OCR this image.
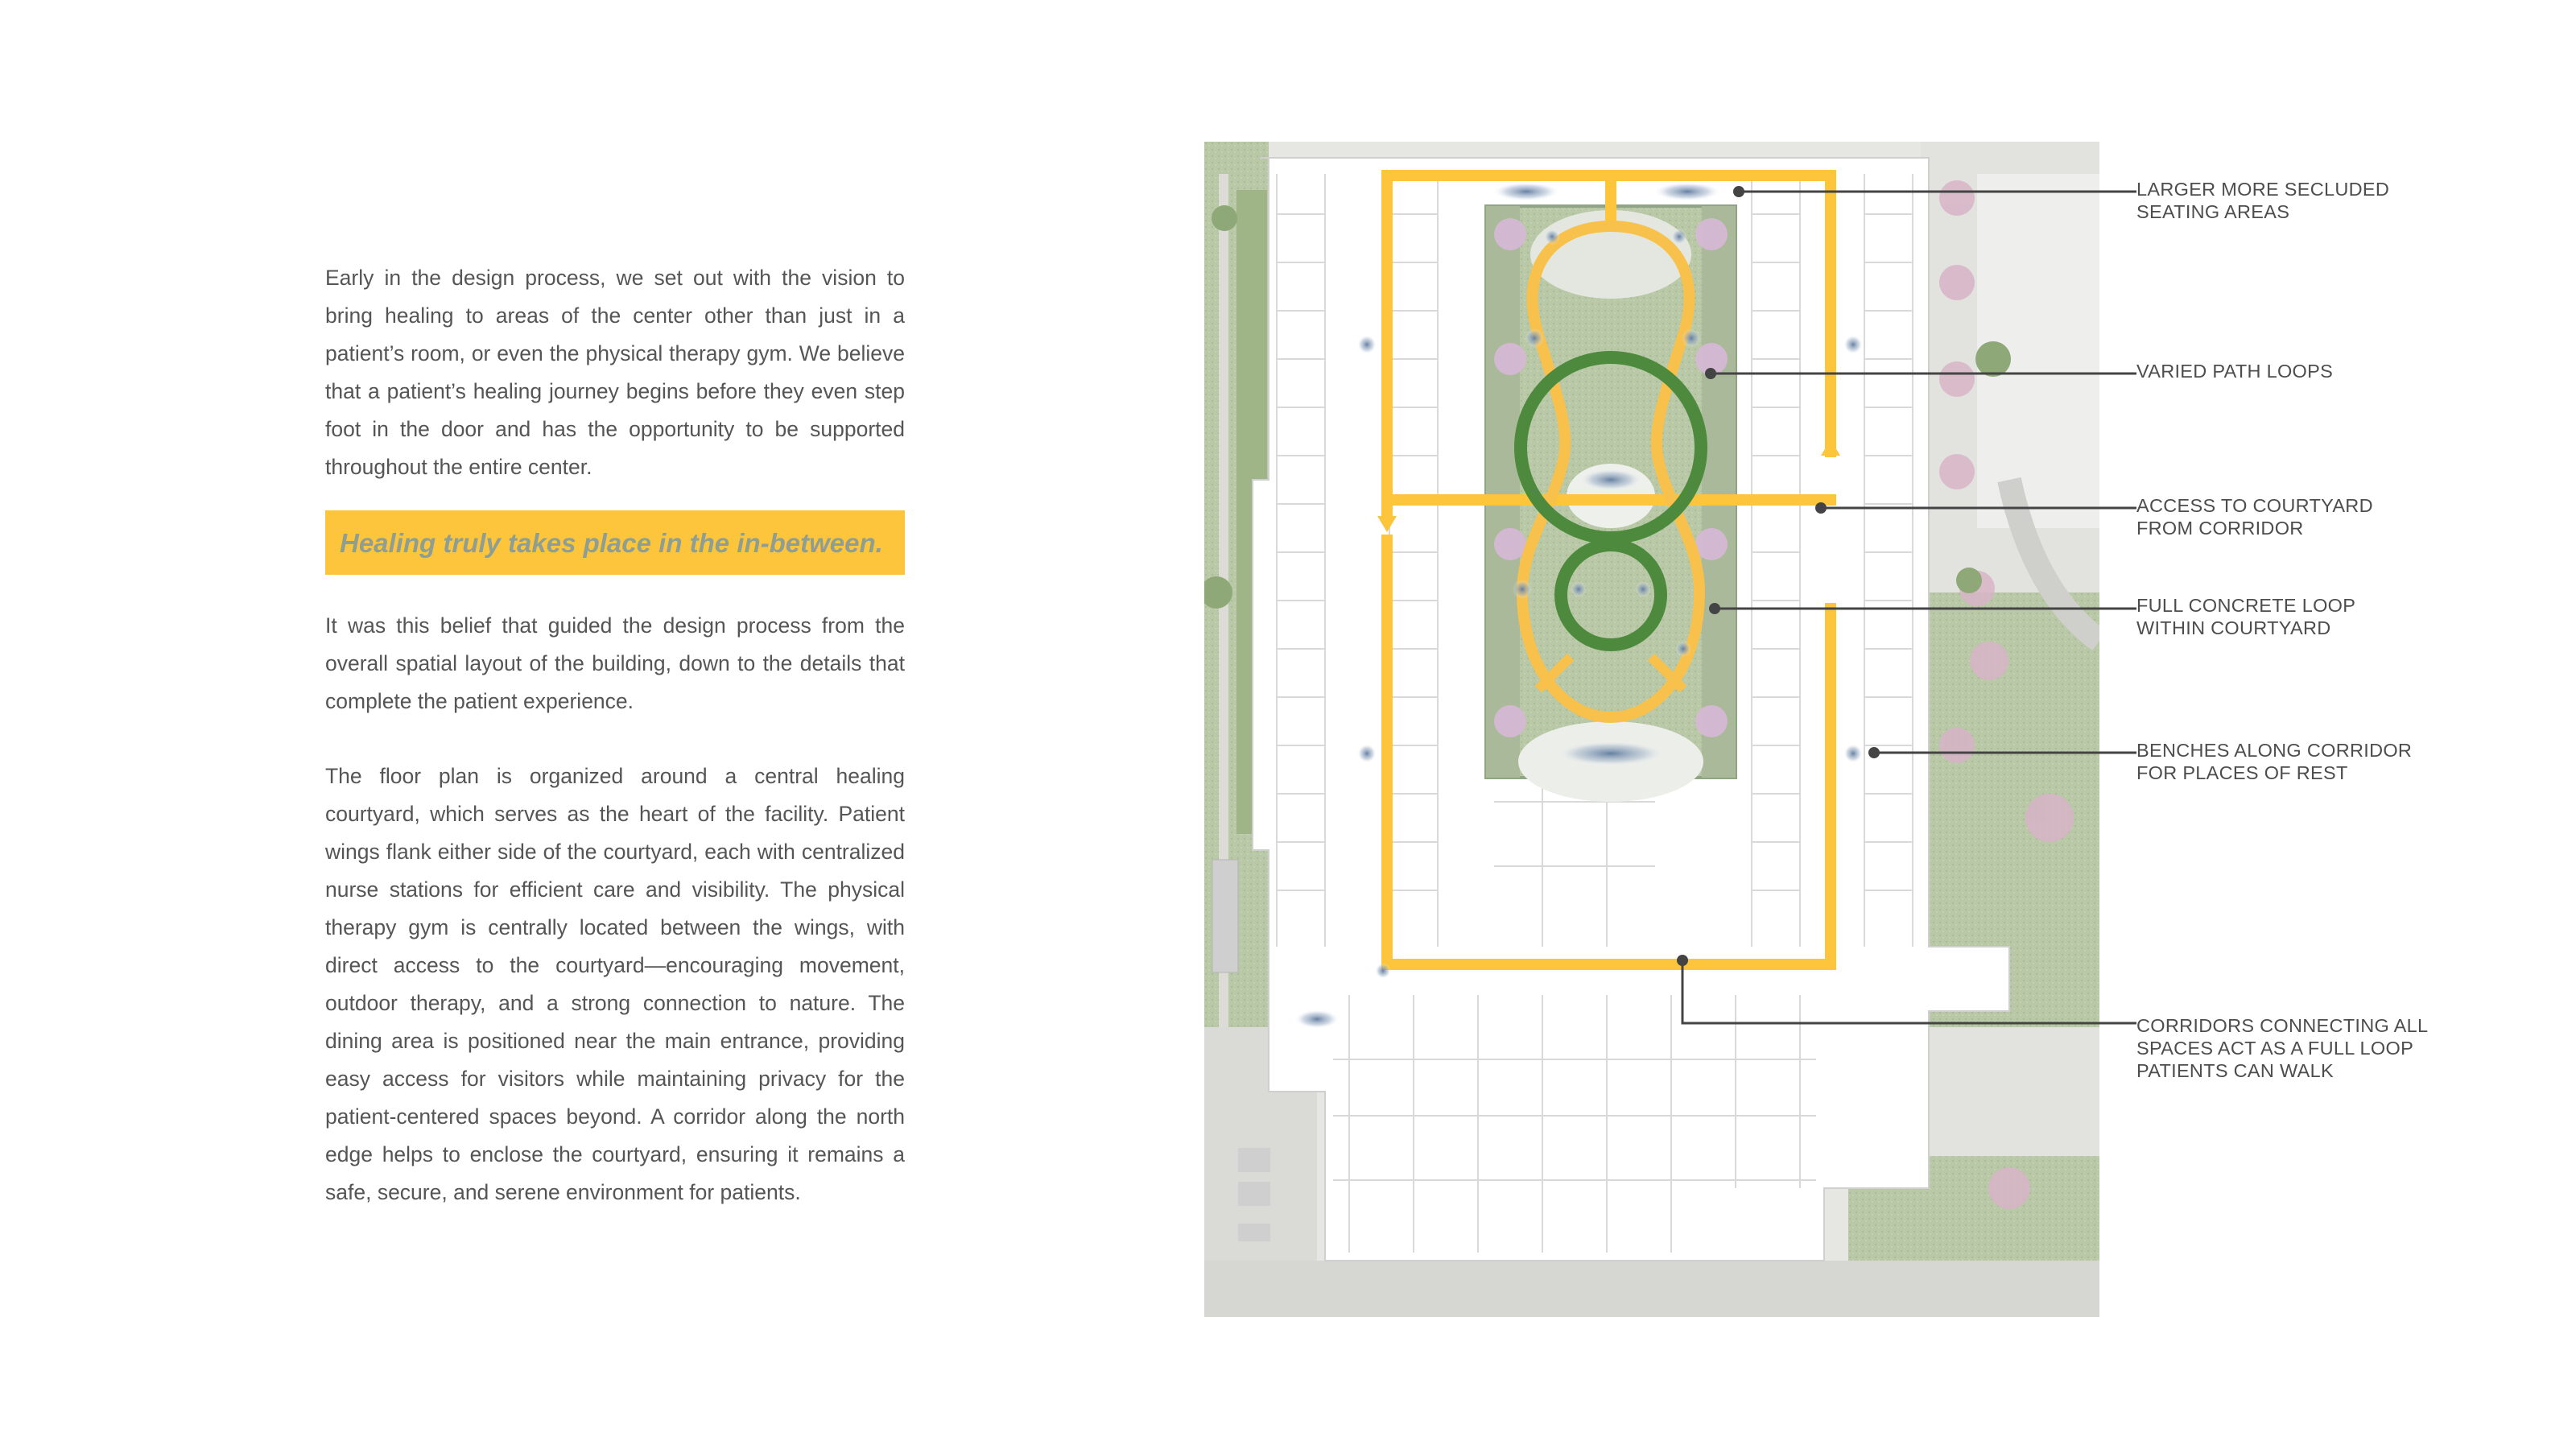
Early in the design process, we set out with the vision to bring healing to areas of the center other than just in a patient’s room, or even the physical therapy gym. We believe that a patient’s healing journey begins before they even step foot in the door and has the opportunity to be supported throughout the entire center.

Healing truly takes place in the in-between.

It was this belief that guided the design process from the overall spatial layout of the building, down to the details that complete the patient experience.

The floor plan is organized around a central healing courtyard, which serves as the heart of the facility. Patient wings flank either side of the courtyard, each with centralized nurse stations for efficient care and visibility. The physical therapy gym is centrally located between the wings, with direct access to the courtyard—encouraging movement, outdoor therapy, and a strong connection to nature. The dining area is positioned near the main entrance, providing easy access for visitors while maintaining privacy for the patient-centered spaces beyond. A corridor along the north edge helps to enclose the courtyard, ensuring it remains a safe, secure, and serene environment for patients.

LARGER MORE SECLUDED
SEATING AREAS
VARIED PATH LOOPS
ACCESS TO COURTYARD
FROM CORRIDOR
FULL CONCRETE LOOP
WITHIN COURTYARD
BENCHES ALONG CORRIDOR
FOR PLACES OF REST
CORRIDORS CONNECTING ALL
SPACES ACT AS A FULL LOOP
PATIENTS CAN WALK
